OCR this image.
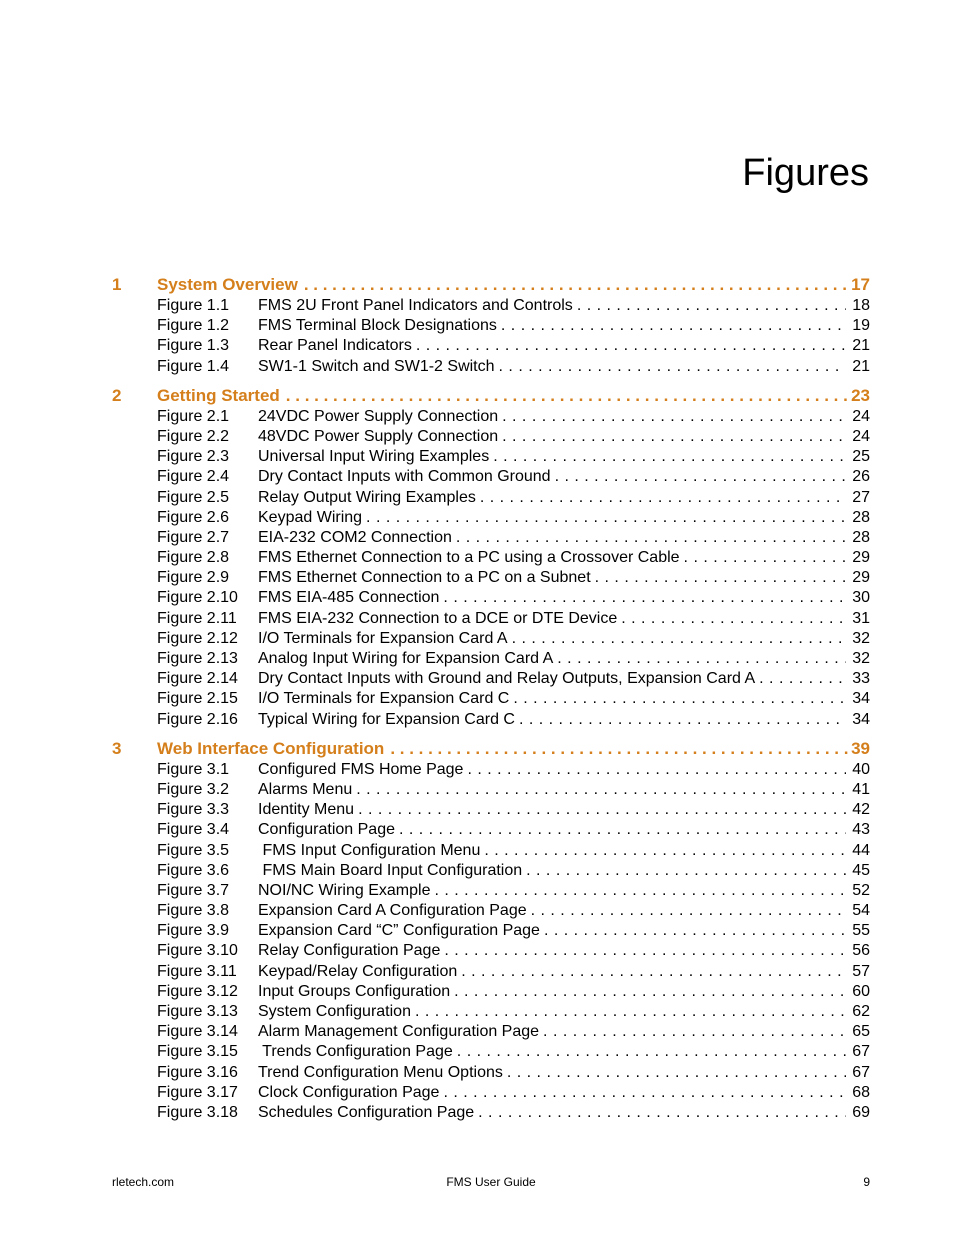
Figures
1	System Overview . . .	17
Figure 1.1	FMS 2U Front Panel Indicators and Controls . . .	18
Figure 1.2	FMS Terminal Block Designations . . .	19
Figure 1.3	Rear Panel Indicators . . .	21
Figure 1.4	SW1-1 Switch and SW1-2 Switch . . .	21
2	Getting Started . . .	23
Figure 2.1	24VDC Power Supply Connection . . .	24
Figure 2.2	48VDC Power Supply Connection . . .	24
Figure 2.3	Universal Input Wiring Examples . . .	25
Figure 2.4	Dry Contact Inputs with Common Ground . . .	26
Figure 2.5	Relay Output Wiring Examples . . .	27
Figure 2.6	Keypad Wiring . . .	28
Figure 2.7	EIA-232 COM2 Connection . . .	28
Figure 2.8	FMS Ethernet Connection to a PC using a Crossover Cable . . .	29
Figure 2.9	FMS Ethernet Connection to a PC on a Subnet . . .	29
Figure 2.10	FMS EIA-485 Connection . . .	30
Figure 2.11	FMS EIA-232 Connection to a DCE or DTE Device . . .	31
Figure 2.12	I/O Terminals for Expansion Card A . . .	32
Figure 2.13	Analog Input Wiring for Expansion Card A . . .	32
Figure 2.14	Dry Contact Inputs with Ground and Relay Outputs, Expansion Card A . . .	33
Figure 2.15	I/O Terminals for Expansion Card C . . .	34
Figure 2.16	Typical Wiring for Expansion Card C . . .	34
3	Web Interface Configuration . . .	39
Figure 3.1	Configured FMS Home Page . . .	40
Figure 3.2	Alarms Menu . . .	41
Figure 3.3	Identity Menu . . .	42
Figure 3.4	Configuration Page . . .	43
Figure 3.5	FMS Input Configuration Menu . . .	44
Figure 3.6	FMS Main Board Input Configuration . . .	45
Figure 3.7	NOI/NC Wiring Example . . .	52
Figure 3.8	Expansion Card A Configuration Page . . .	54
Figure 3.9	Expansion Card “C” Configuration Page . . .	55
Figure 3.10	Relay Configuration Page . . .	56
Figure 3.11	Keypad/Relay Configuration . . .	57
Figure 3.12	Input Groups Configuration . . .	60
Figure 3.13	System Configuration . . .	62
Figure 3.14	Alarm Management Configuration Page . . .	65
Figure 3.15	Trends Configuration Page . . .	67
Figure 3.16	Trend Configuration Menu Options . . .	67
Figure 3.17	Clock Configuration Page . . .	68
Figure 3.18	Schedules Configuration Page . . .	69
rletech.com	FMS User Guide	9
